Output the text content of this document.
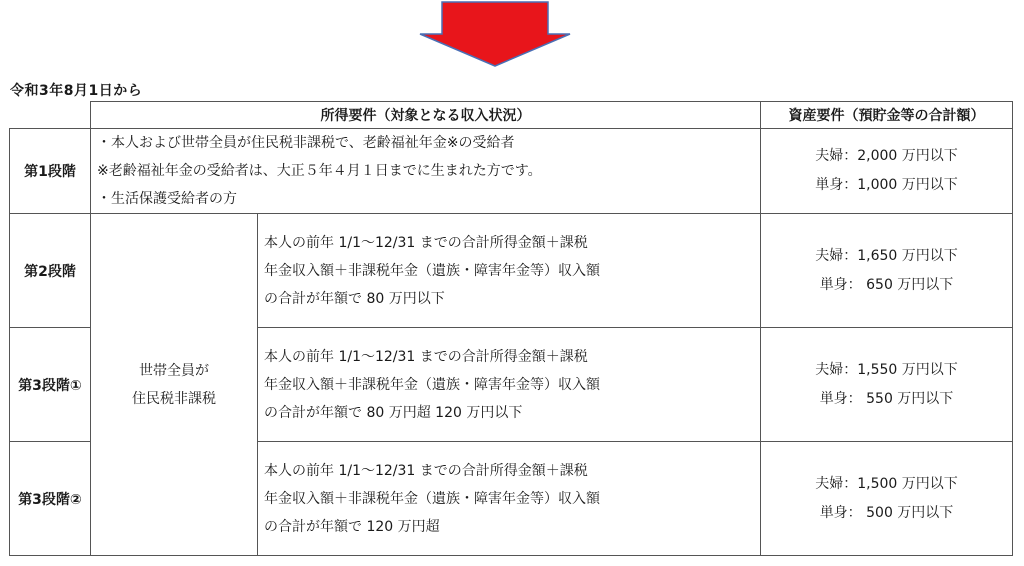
令和3年8月1日から
	所得要件（対象となる収入状況）		資産要件（預貯金等の合計額）
第1段階	・本人および世帯全員が住民税非課税で、老齢福祉年金※の受給者
※老齢福祉年金の受給者は、大正５年４月１日までに生まれた方です。
・生活保護受給者の方		夫婦：2,000 万円以下
単身：1,000 万円以下

第2段階	世帯全員が
住民税非課税	本人の前年 1/1～12/31 までの合計所得金額＋課税
年金収入額＋非課税年金（遺族・障害年金等）収入額
の合計が年額で 80 万円以下	夫婦：1,650 万円以下
単身： 650 万円以下

第3段階①		本人の前年 1/1～12/31 までの合計所得金額＋課税
年金収入額＋非課税年金（遺族・障害年金等）収入額
の合計が年額で 80 万円超 120 万円以下	夫婦：1,550 万円以下
単身： 550 万円以下

第3段階②		本人の前年 1/1～12/31 までの合計所得金額＋課税
年金収入額＋非課税年金（遺族・障害年金等）収入額
の合計が年額で 120 万円超	夫婦：1,500 万円以下
単身： 500 万円以下
